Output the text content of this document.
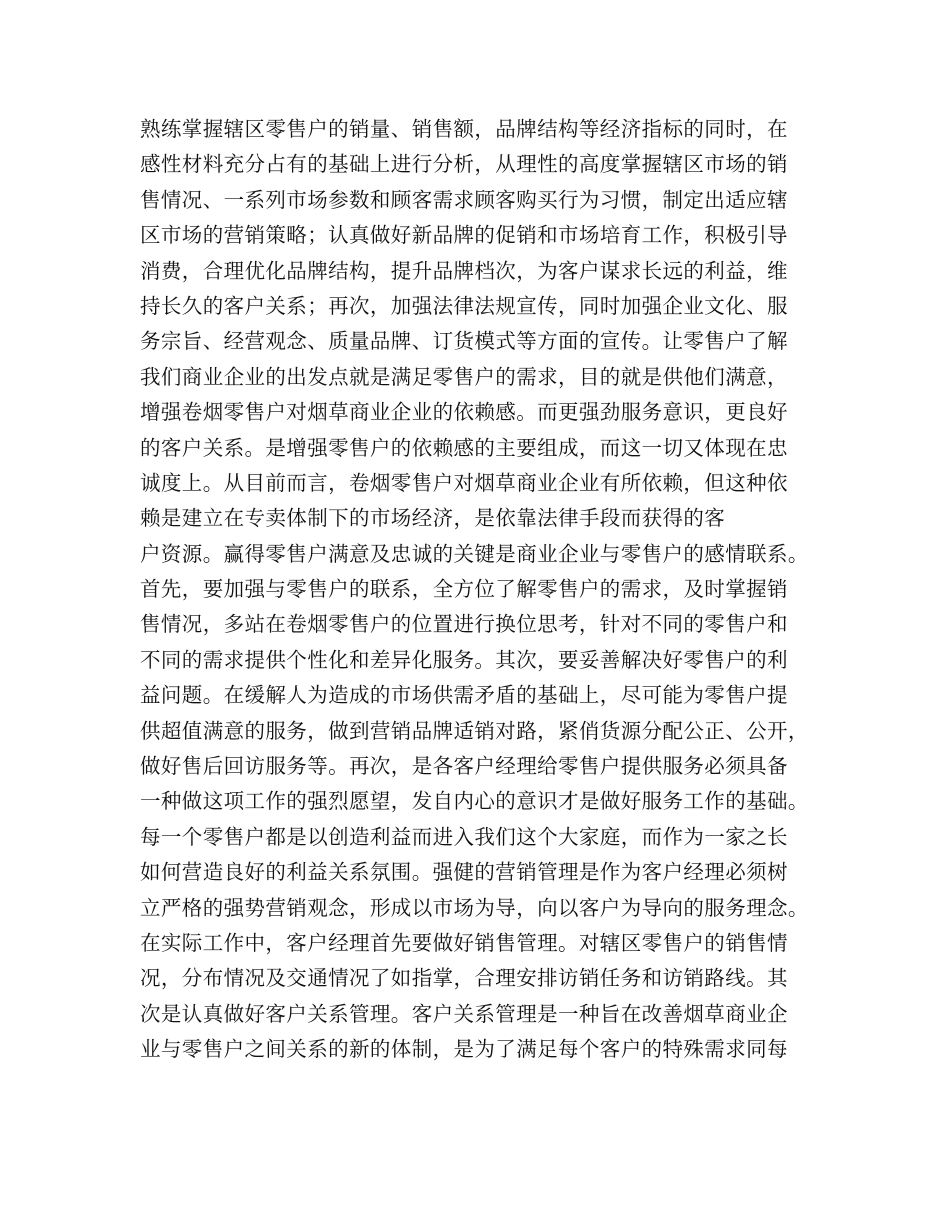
熟练掌握辖区零售户的销量、销售额，品牌结构等经济指标的同时，在
感性材料充分占有的基础上进行分析，从理性的高度掌握辖区市场的销
售情况、一系列市场参数和顾客需求顾客购买行为习惯，制定出适应辖
区市场的营销策略；认真做好新品牌的促销和市场培育工作，积极引导
消费，合理优化品牌结构，提升品牌档次，为客户谋求长远的利益，维
持长久的客户关系；再次，加强法律法规宣传，同时加强企业文化、服
务宗旨、经营观念、质量品牌、订货模式等方面的宣传。让零售户了解
我们商业企业的出发点就是满足零售户的需求，目的就是供他们满意，
增强卷烟零售户对烟草商业企业的依赖感。而更强劲服务意识，更良好
的客户关系。是增强零售户的依赖感的主要组成，而这一切又体现在忠
诚度上。从目前而言，卷烟零售户对烟草商业企业有所依赖，但这种依
赖是建立在专卖体制下的市场经济，是依靠法律手段而获得的客
户资源。赢得零售户满意及忠诚的关键是商业企业与零售户的感情联系。
首先，要加强与零售户的联系，全方位了解零售户的需求，及时掌握销
售情况，多站在卷烟零售户的位置进行换位思考，针对不同的零售户和
不同的需求提供个性化和差异化服务。其次，要妥善解决好零售户的利
益问题。在缓解人为造成的市场供需矛盾的基础上，尽可能为零售户提
供超值满意的服务，做到营销品牌适销对路，紧俏货源分配公正、公开，
做好售后回访服务等。再次，是各客户经理给零售户提供服务必须具备
一种做这项工作的强烈愿望，发自内心的意识才是做好服务工作的基础。
每一个零售户都是以创造利益而进入我们这个大家庭，而作为一家之长
如何营造良好的利益关系氛围。强健的营销管理是作为客户经理必须树
立严格的强势营销观念，形成以市场为导，向以客户为导向的服务理念。
在实际工作中，客户经理首先要做好销售管理。对辖区零售户的销售情
况，分布情况及交通情况了如指掌，合理安排访销任务和访销路线。其
次是认真做好客户关系管理。客户关系管理是一种旨在改善烟草商业企
业与零售户之间关系的新的体制，是为了满足每个客户的特殊需求同每
